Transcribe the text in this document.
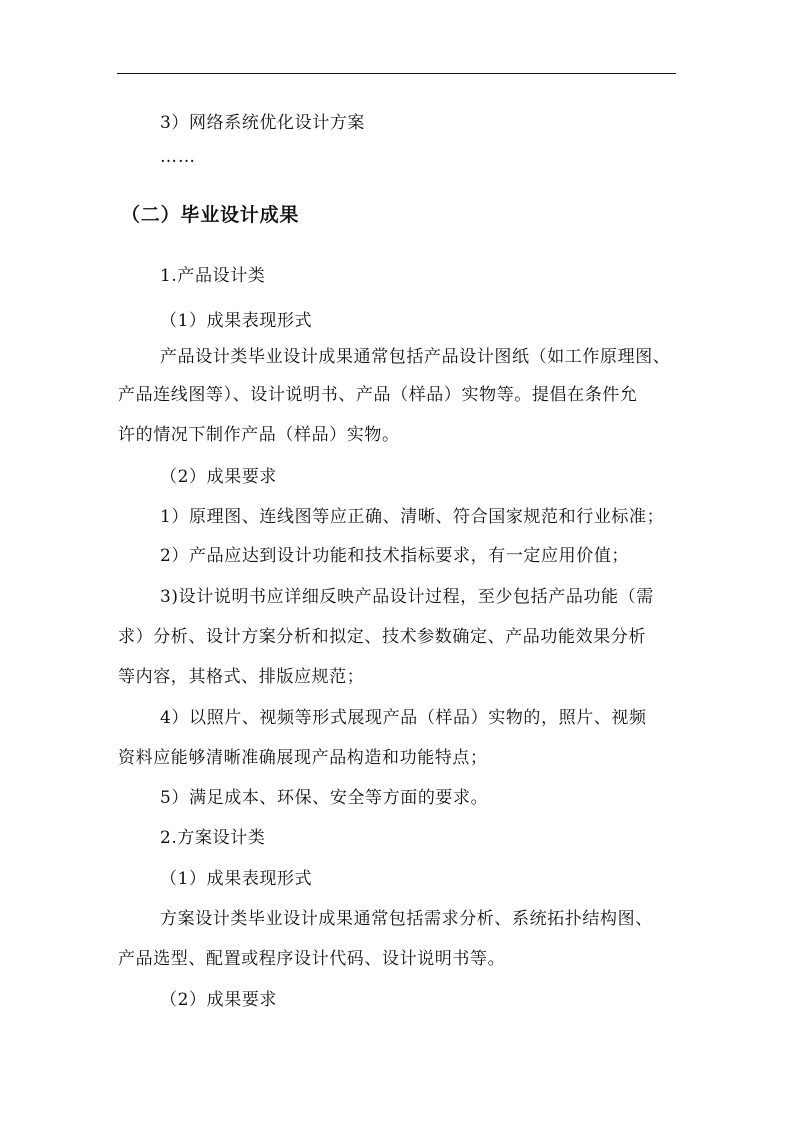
3）网络系统优化设计方案
……
（二）毕业设计成果
1.产品设计类
（1）成果表现形式
产品设计类毕业设计成果通常包括产品设计图纸（如工作原理图、
产品连线图等）、设计说明书、产品（样品）实物等。提倡在条件允
许的情况下制作产品（样品）实物。
（2）成果要求
1）原理图、连线图等应正确、清晰、符合国家规范和行业标准；
2）产品应达到设计功能和技术指标要求，有一定应用价值；
3)设计说明书应详细反映产品设计过程，至少包括产品功能（需
求）分析、设计方案分析和拟定、技术参数确定、产品功能效果分析
等内容，其格式、排版应规范；
4）以照片、视频等形式展现产品（样品）实物的，照片、视频
资料应能够清晰准确展现产品构造和功能特点；
5）满足成本、环保、安全等方面的要求。
2.方案设计类
（1）成果表现形式
方案设计类毕业设计成果通常包括需求分析、系统拓扑结构图、
产品选型、配置或程序设计代码、设计说明书等。
（2）成果要求
